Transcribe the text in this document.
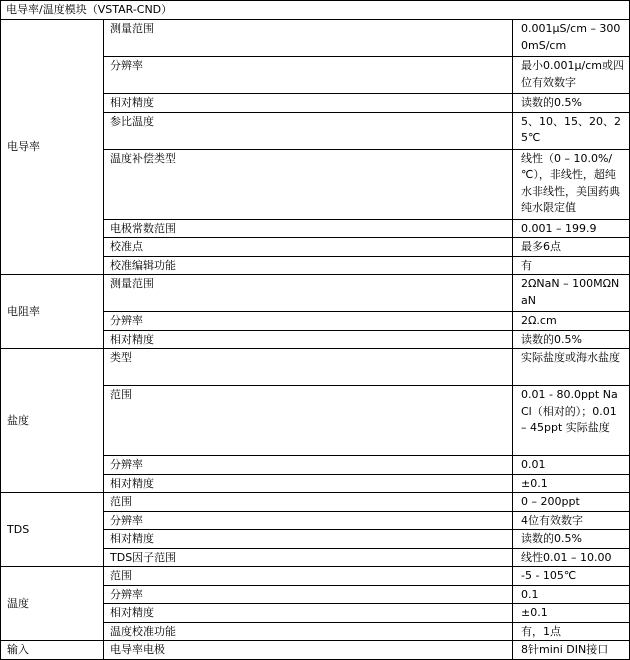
电导率/温度模块（VSTAR-CND）		
电导率	测量范围	0.001µS/cm – 3000mS/cm
	分辨率	最小0.001µ/cm或四位有效数字
	相对精度	读数的0.5%
	参比温度	5、10、15、20、25℃
	温度补偿类型	线性（0 – 10.0%/℃），非线性，超纯水非线性，美国药典纯水限定值
	电极常数范围	0.001 – 199.9
	校准点	最多6点
	校准编辑功能	有
电阻率	测量范围	2ΩNaN – 100MΩNaN
	分辨率	2Ω.cm
	相对精度	读数的0.5%
盐度	类型	实际盐度或海水盐度
	范围	0.01 - 80.0ppt NaCl（相对的）；0.01 – 45ppt 实际盐度
	分辨率	0.01
	相对精度	±0.1
TDS	范围	0 – 200ppt
	分辨率	4位有效数字
	相对精度	读数的0.5%
	TDS因子范围	线性0.01 – 10.00
温度	范围	-5 - 105℃
	分辨率	0.1
	相对精度	±0.1
	温度校准功能	有，1点
输入	电导率电极	8针mini DIN接口
